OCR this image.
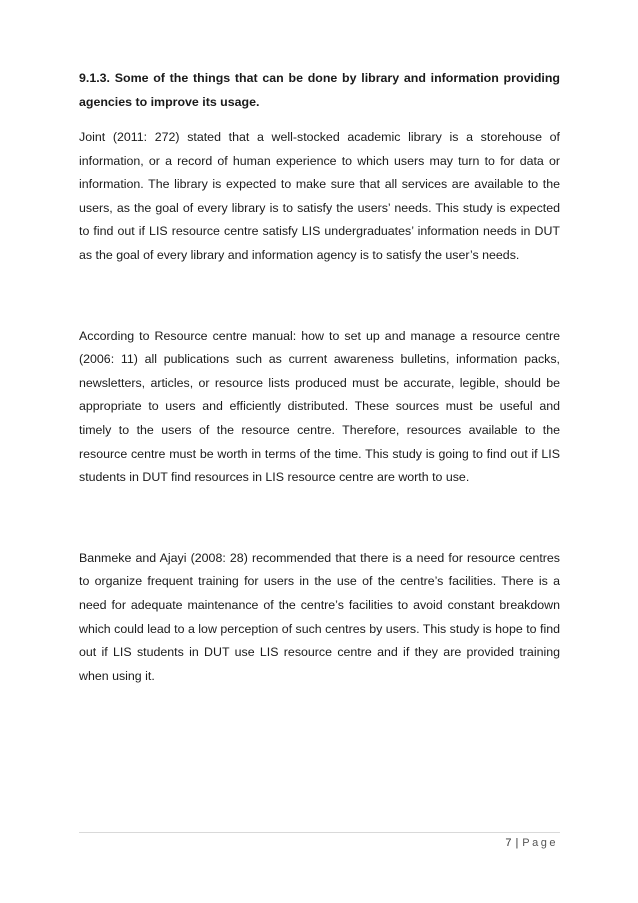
9.1.3. Some of the things that can be done by library and information providing agencies to improve its usage.

Joint (2011: 272) stated that a well-stocked academic library is a storehouse of information, or a record of human experience to which users may turn to for data or information. The library is expected to make sure that all services are available to the users, as the goal of every library is to satisfy the users’ needs. This study is expected to find out if LIS resource centre satisfy LIS undergraduates’ information needs in DUT as the goal of every library and information agency is to satisfy the user’s needs.

According to Resource centre manual: how to set up and manage a resource centre (2006: 11) all publications such as current awareness bulletins, information packs, newsletters, articles, or resource lists produced must be accurate, legible, should be appropriate to users and efficiently distributed. These sources must be useful and timely to the users of the resource centre. Therefore, resources available to the resource centre must be worth in terms of the time. This study is going to find out if LIS students in DUT find resources in LIS resource centre are worth to use.

Banmeke and Ajayi (2008: 28) recommended that there is a need for resource centres to organize frequent training for users in the use of the centre’s facilities. There is a need for adequate maintenance of the centre’s facilities to avoid constant breakdown which could lead to a low perception of such centres by users. This study is hope to find out if LIS students in DUT use LIS resource centre and if they are provided training when using it.

7 | Page
